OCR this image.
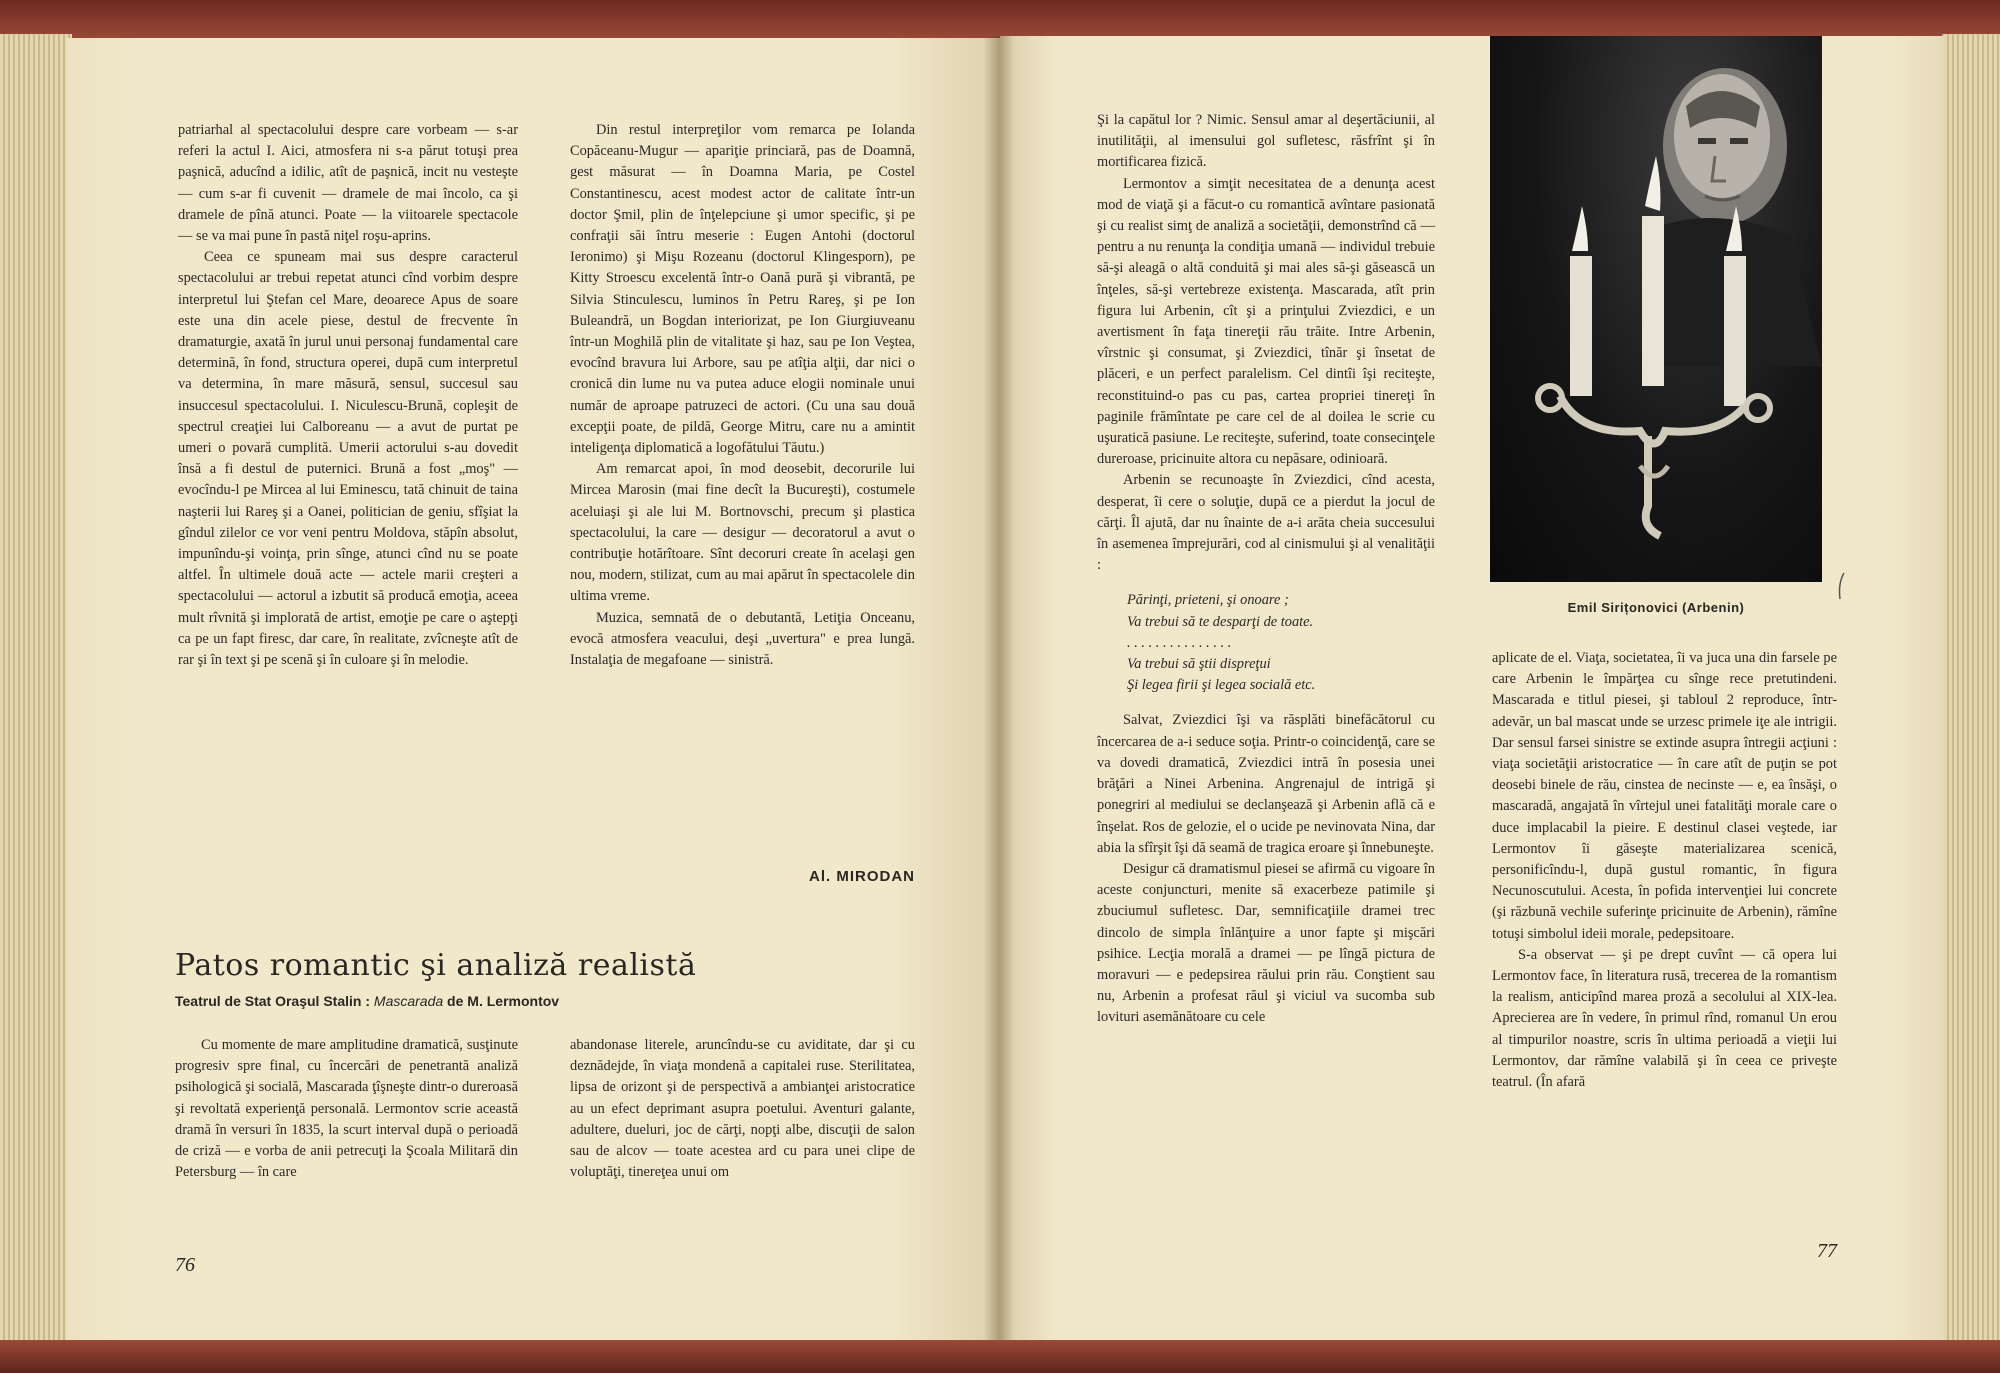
patriarhal al spectacolului despre care vorbeam — s-ar referi la actul I. Aici, atmosfera ni s-a părut totuşi prea paşnică, aducînd a idilic, atît de paşnică, incit nu vesteşte — cum s-ar fi cuvenit — dramele de mai încolo, ca şi dramele de pînă atunci. Poate — la viitoarele spectacole — se va mai pune în pastă niţel roşu-aprins.

Ceea ce spuneam mai sus despre caracterul spectacolului ar trebui repetat atunci cînd vorbim despre interpretul lui Ştefan cel Mare, deoarece Apus de soare este una din acele piese, destul de frecvente în dramaturgie, axată în jurul unui personaj fundamental care determină, în fond, structura operei, după cum interpretul va determina, în mare măsură, sensul, succesul sau insuccesul spectacolului. I. Niculescu-Brună, copleşit de spectrul creaţiei lui Calboreanu — a avut de purtat pe umeri o povară cumplită. Umerii actorului s-au dovedit însă a fi destul de puternici. Brună a fost „moş" — evocîndu-l pe Mircea al lui Eminescu, tată chinuit de taina naşterii lui Rareş şi a Oanei, politician de geniu, sfîşiat la gîndul zilelor ce vor veni pentru Moldova, stăpîn absolut, impunîndu-şi voinţa, prin sînge, atunci cînd nu se poate altfel. În ultimele două acte — actele marii creşteri a spectacolului — actorul a izbutit să producă emoţia, aceea mult rîvnită şi implorată de artist, emoţie pe care o aştepţi ca pe un fapt firesc, dar care, în realitate, zvîcneşte atît de rar şi în text şi pe scenă şi în culoare şi în melodie.

Din restul interpreţilor vom remarca pe Iolanda Copăceanu-Mugur — apariţie princiară, pas de Doamnă, gest măsurat — în Doamna Maria, pe Costel Constantinescu, acest modest actor de calitate într-un doctor Şmil, plin de înţelepciune şi umor specific, şi pe confraţii săi întru meserie : Eugen Antohi (doctorul Ieronimo) şi Mişu Rozeanu (doctorul Klingesporn), pe Kitty Stroescu excelentă într-o Oană pură şi vibrantă, pe Silvia Stinculescu, luminos în Petru Rareş, şi pe Ion Buleandră, un Bogdan interiorizat, pe Ion Giurgiuveanu într-un Moghilă plin de vitalitate şi haz, sau pe Ion Veştea, evocînd bravura lui Arbore, sau pe atîţia alţii, dar nici o cronică din lume nu va putea aduce elogii nominale unui număr de aproape patruzeci de actori. (Cu una sau două excepţii poate, de pildă, George Mitru, care nu a amintit inteligenţa diplomatică a logofătului Tăutu.)

Am remarcat apoi, în mod deosebit, decorurile lui Mircea Marosin (mai fine decît la Bucureşti), costumele aceluiaşi şi ale lui M. Bortnovschi, precum şi plastica spectacolului, la care — desigur — decoratorul a avut o contribuţie hotărîtoare. Sînt decoruri create în acelaşi gen nou, modern, stilizat, cum au mai apărut în spectacolele din ultima vreme.

Muzica, semnată de o debutantă, Letiţia Onceanu, evocă atmosfera veacului, deşi „uvertura" e prea lungă. Instalaţia de megafoane — sinistră.

Al. MIRODAN
Patos romantic şi analiză realistă
Teatrul de Stat Oraşul Stalin : Mascarada de M. Lermontov

Cu momente de mare amplitudine dramatică, susţinute progresiv spre final, cu încercări de penetrantă analiză psihologică şi socială, Mascarada ţîşneşte dintr-o dureroasă şi revoltată experienţă personală. Lermontov scrie această dramă în versuri în 1835, la scurt interval după o perioadă de criză — e vorba de anii petrecuţi la Şcoala Militară din Petersburg — în care

abandonase literele, aruncîndu-se cu aviditate, dar şi cu deznădejde, în viaţa mondenă a capitalei ruse. Sterilitatea, lipsa de orizont şi de perspectivă a ambianţei aristocratice au un efect deprimant asupra poetului. Aventuri galante, adultere, dueluri, joc de cărţi, nopţi albe, discuţii de salon sau de alcov — toate acestea ard cu para unei clipe de voluptăţi, tinereţea unui om

76

Şi la capătul lor ? Nimic. Sensul amar al deşertăciunii, al inutilităţii, al imensului gol sufletesc, răsfrînt şi în mortificarea fizică.

Lermontov a simţit necesitatea de a denunţa acest mod de viaţă şi a făcut-o cu romantică avîntare pasionată şi cu realist simţ de analiză a societăţii, demonstrînd că — pentru a nu renunţa la condiţia umană — individul trebuie să-şi aleagă o altă conduită şi mai ales să-şi găsească un înţeles, să-şi vertebreze existenţa. Mascarada, atît prin figura lui Arbenin, cît şi a prinţului Zviezdici, e un avertisment în faţa tinereţii rău trăite. Intre Arbenin, vîrstnic şi consumat, şi Zviezdici, tînăr şi însetat de plăceri, e un perfect paralelism. Cel dintîi îşi reciteşte, reconstituind-o pas cu pas, cartea propriei tinereţi în paginile frămîntate pe care cel de al doilea le scrie cu uşuratică pasiune. Le reciteşte, suferind, toate consecinţele dureroase, pricinuite altora cu nepăsare, odinioară.

Arbenin se recunoaşte în Zviezdici, cînd acesta, desperat, îi cere o soluţie, după ce a pierdut la jocul de cărţi. Îl ajută, dar nu înainte de a-i arăta cheia succesului în asemenea împrejurări, cod al cinismului şi al venalităţii :

Părinţi, prieteni, şi onoare ;
Va trebui să te desparţi de toate.
. . . . . . . . . . . . . . .
Va trebui să ştii dispreţui
Şi legea firii şi legea socială etc.

Salvat, Zviezdici îşi va răsplăti binefăcătorul cu încercarea de a-i seduce soţia. Printr-o coincidenţă, care se va dovedi dramatică, Zviezdici intră în posesia unei brăţări a Ninei Arbenina. Angrenajul de intrigă şi ponegriri al mediului se declanşează şi Arbenin află că e înşelat. Ros de gelozie, el o ucide pe nevinovata Nina, dar abia la sfîrşit îşi dă seamă de tragica eroare şi înnebuneşte.

Desigur că dramatismul piesei se afirmă cu vigoare în aceste conjuncturi, menite să exacerbeze patimile şi zbuciumul sufletesc. Dar, semnificaţiile dramei trec dincolo de simpla înlănţuire a unor fapte şi mişcări psihice. Lecţia morală a dramei — pe lîngă pictura de moravuri — e pedepsirea răului prin rău. Conştient sau nu, Arbenin a profesat răul şi viciul va sucomba sub lovituri asemănătoare cu cele

Emil Sirițonovici (Arbenin)

aplicate de el. Viaţa, societatea, îi va juca una din farsele pe care Arbenin le împărţea cu sînge rece pretutindeni. Mascarada e titlul piesei, şi tabloul 2 reproduce, într-adevăr, un bal mascat unde se urzesc primele iţe ale intrigii. Dar sensul farsei sinistre se extinde asupra întregii acţiuni : viaţa societăţii aristocratice — în care atît de puţin se pot deosebi binele de rău, cinstea de necinste — e, ea însăşi, o mascaradă, angajată în vîrtejul unei fatalităţi morale care o duce implacabil la pieire. E destinul clasei veştede, iar Lermontov îi găseşte materializarea scenică, personificîndu-l, după gustul romantic, în figura Necunoscutului. Acesta, în pofida intervenţiei lui concrete (şi răzbună vechile suferinţe pricinuite de Arbenin), rămîne totuşi simbolul ideii morale, pedepsitoare.

S-a observat — şi pe drept cuvînt — că opera lui Lermontov face, în literatura rusă, trecerea de la romantism la realism, anticipînd marea proză a secolului al XIX-lea. Aprecierea are în vedere, în primul rînd, romanul Un erou al timpurilor noastre, scris în ultima perioadă a vieţii lui Lermontov, dar rămîne valabilă şi în ceea ce priveşte teatrul. (În afară

77
